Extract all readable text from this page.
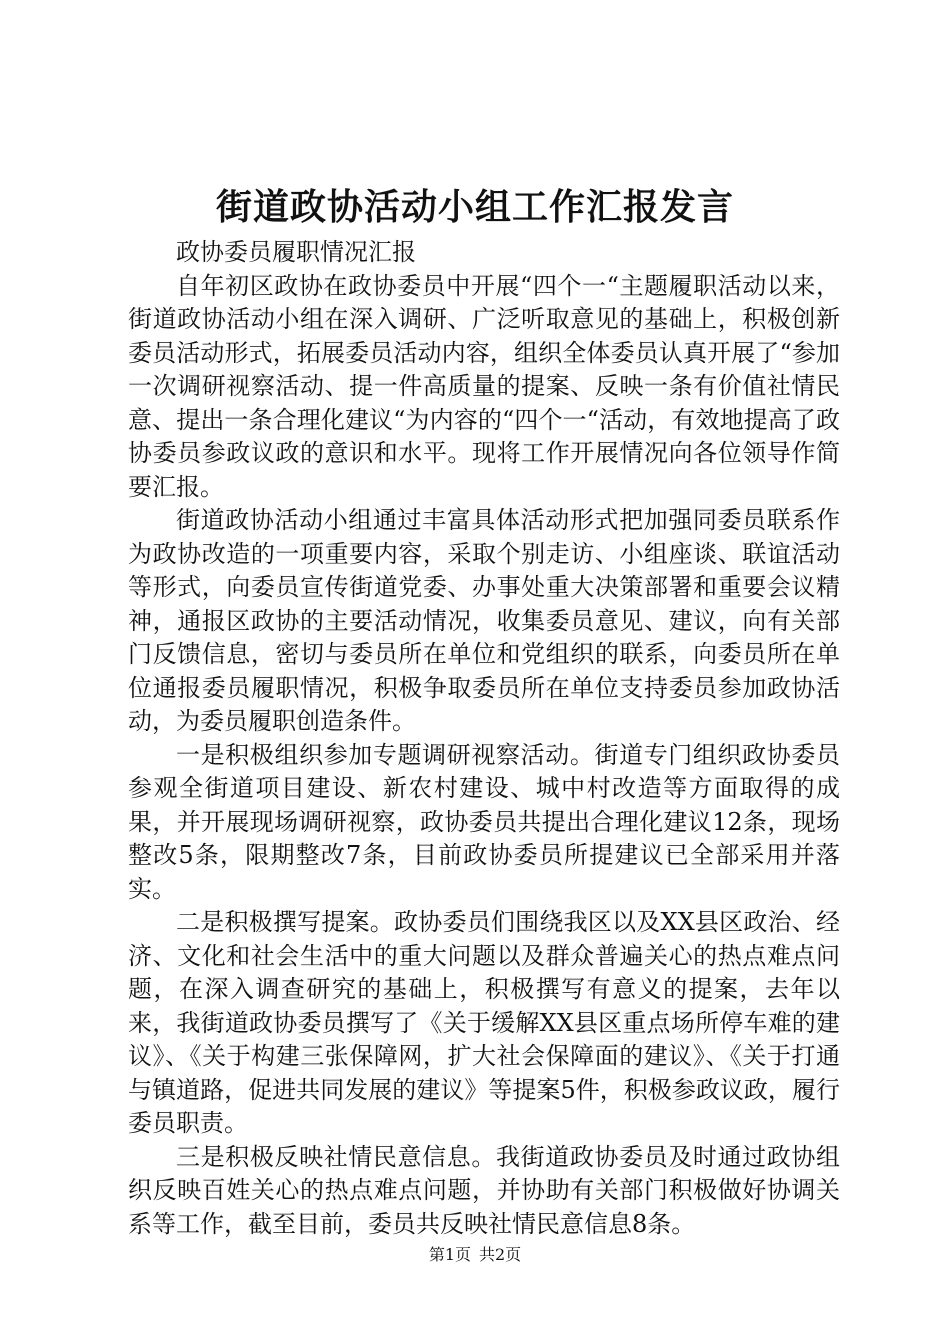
街道政协活动小组工作汇报发言

政协委员履职情况汇报

自年初区政协在政协委员中开展“四个一“主题履职活动以来，街道政协活动小组在深入调研、广泛听取意见的基础上，积极创新委员活动形式，拓展委员活动内容，组织全体委员认真开展了“参加一次调研视察活动、提一件高质量的提案、反映一条有价值社情民意、提出一条合理化建议“为内容的“四个一“活动，有效地提高了政协委员参政议政的意识和水平。现将工作开展情况向各位领导作简要汇报。

街道政协活动小组通过丰富具体活动形式把加强同委员联系作为政协改造的一项重要内容，采取个别走访、小组座谈、联谊活动等形式，向委员宣传街道党委、办事处重大决策部署和重要会议精神，通报区政协的主要活动情况，收集委员意见、建议，向有关部门反馈信息，密切与委员所在单位和党组织的联系，向委员所在单位通报委员履职情况，积极争取委员所在单位支持委员参加政协活动，为委员履职创造条件。

一是积极组织参加专题调研视察活动。街道专门组织政协委员参观全街道项目建设、新农村建设、城中村改造等方面取得的成果，并开展现场调研视察，政协委员共提出合理化建议12条，现场整改5条，限期整改7条，目前政协委员所提建议已全部采用并落实。

二是积极撰写提案。政协委员们围绕我区以及XX县区政治、经济、文化和社会生活中的重大问题以及群众普遍关心的热点难点问题，在深入调查研究的基础上，积极撰写有意义的提案，去年以来，我街道政协委员撰写了《关于缓解XX县区重点场所停车难的建议》、《关于构建三张保障网，扩大社会保障面的建议》、《关于打通与镇道路，促进共同发展的建议》等提案5件，积极参政议政，履行委员职责。

三是积极反映社情民意信息。我街道政协委员及时通过政协组织反映百姓关心的热点难点问题，并协助有关部门积极做好协调关系等工作，截至目前，委员共反映社情民意信息8条。

第1页 共2页
